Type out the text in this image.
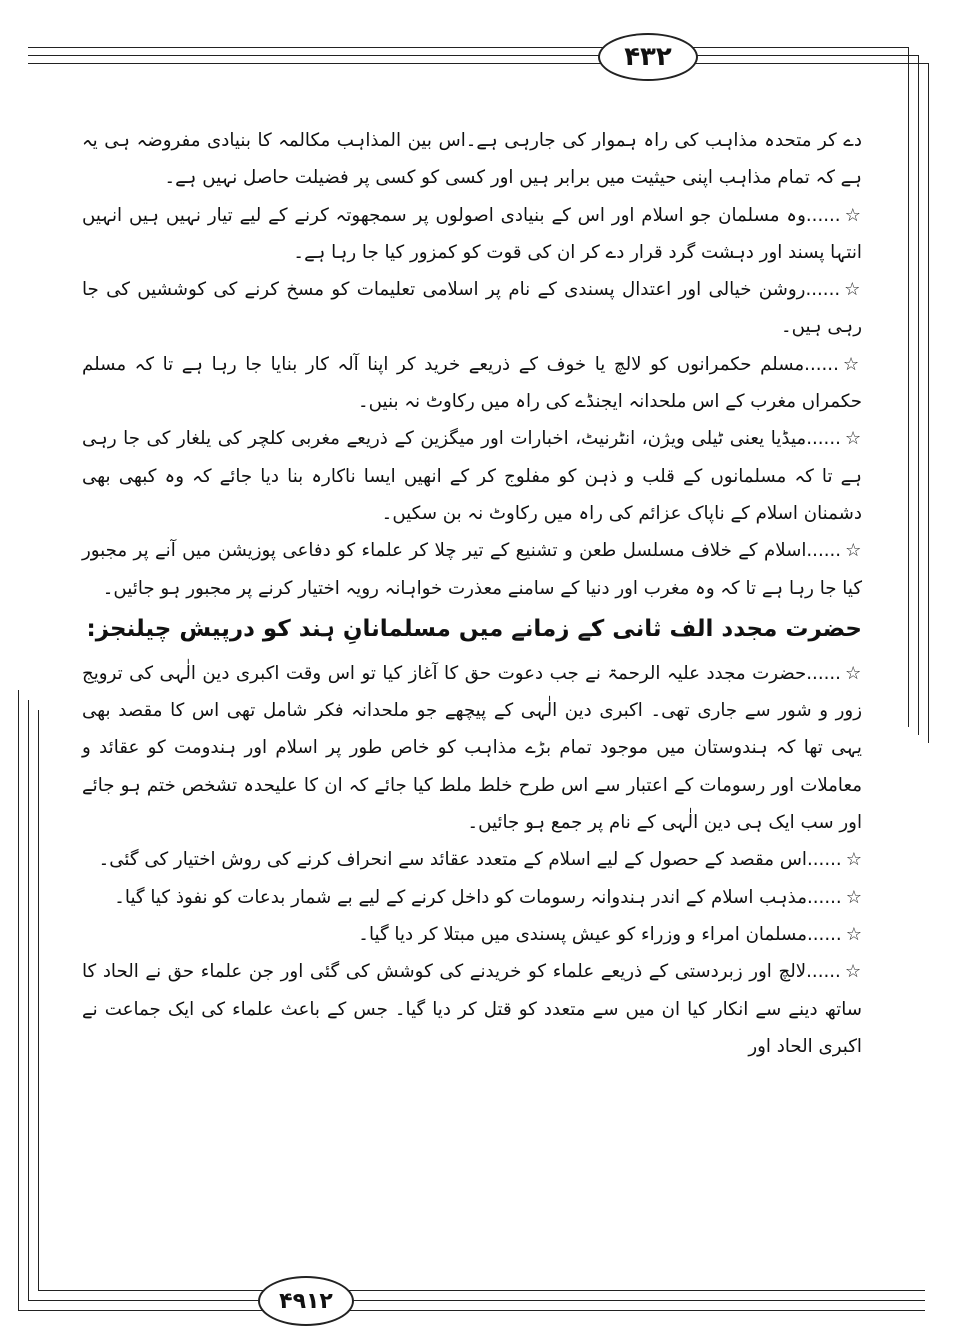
۴۳۲
۴۹۱۲

دے کر متحدہ مذاہب کی راہ ہموار کی جارہی ہے۔اس بین المذاہب مکالمہ کا بنیادی مفروضہ ہی یہ ہے کہ تمام مذاہب اپنی حیثیت میں برابر ہیں اور کسی کو کسی پر فضیلت حاصل نہیں ہے۔

☆......وہ مسلمان جو اسلام اور اس کے بنیادی اصولوں پر سمجھوتہ کرنے کے لیے تیار نہیں ہیں انہیں انتہا پسند اور دہشت گرد قرار دے کر ان کی قوت کو کمزور کیا جا رہا ہے۔

☆......روشن خیالی اور اعتدال پسندی کے نام پر اسلامی تعلیمات کو مسخ کرنے کی کوششیں کی جا رہی ہیں۔

☆......مسلم حکمرانوں کو لالچ یا خوف کے ذریعے خرید کر اپنا آلہ کار بنایا جا رہا ہے تا کہ مسلم حکمراں مغرب کے اس ملحدانہ ایجنڈے کی راہ میں رکاوٹ نہ بنیں۔

☆......میڈیا یعنی ٹیلی ویژن، انٹرنیٹ، اخبارات اور میگزین کے ذریعے مغربی کلچر کی یلغار کی جا رہی ہے تا کہ مسلمانوں کے قلب و ذہن کو مفلوج کر کے انھیں ایسا ناکارہ بنا دیا جائے کہ وہ کبھی بھی دشمنان اسلام کے ناپاک عزائم کی راہ میں رکاوٹ نہ بن سکیں۔

☆......اسلام کے خلاف مسلسل طعن و تشنیع کے تیر چلا کر علماء کو دفاعی پوزیشن میں آنے پر مجبور کیا جا رہا ہے تا کہ وہ مغرب اور دنیا کے سامنے معذرت خواہانہ رویہ اختیار کرنے پر مجبور ہو جائیں۔

حضرت مجدد الف ثانی کے زمانے میں مسلمانانِ ہند کو درپیش چیلنجز:

☆......حضرت مجدد علیہ الرحمۃ نے جب دعوت حق کا آغاز کیا تو اس وقت اکبری دین الٰہی کی ترویج زور و شور سے جاری تھی۔ اکبری دین الٰہی کے پیچھے جو ملحدانہ فکر شامل تھی اس کا مقصد بھی یہی تھا کہ ہندوستان میں موجود تمام بڑے مذاہب کو خاص طور پر اسلام اور ہندومت کو عقائد و معاملات اور رسومات کے اعتبار سے اس طرح خلط ملط کیا جائے کہ ان کا علیحدہ تشخص ختم ہو جائے اور سب ایک ہی دین الٰہی کے نام پر جمع ہو جائیں۔

☆......اس مقصد کے حصول کے لیے اسلام کے متعدد عقائد سے انحراف کرنے کی روش اختیار کی گئی۔

☆......مذہب اسلام کے اندر ہندوانہ رسومات کو داخل کرنے کے لیے بے شمار بدعات کو نفوذ کیا گیا۔

☆......مسلمان امراء و وزراء کو عیش پسندی میں مبتلا کر دیا گیا۔

☆......لالچ اور زبردستی کے ذریعے علماء کو خریدنے کی کوشش کی گئی اور جن علماء حق نے الحاد کا ساتھ دینے سے انکار کیا ان میں سے متعدد کو قتل کر دیا گیا۔ جس کے باعث علماء کی ایک جماعت نے اکبری الحاد اور
